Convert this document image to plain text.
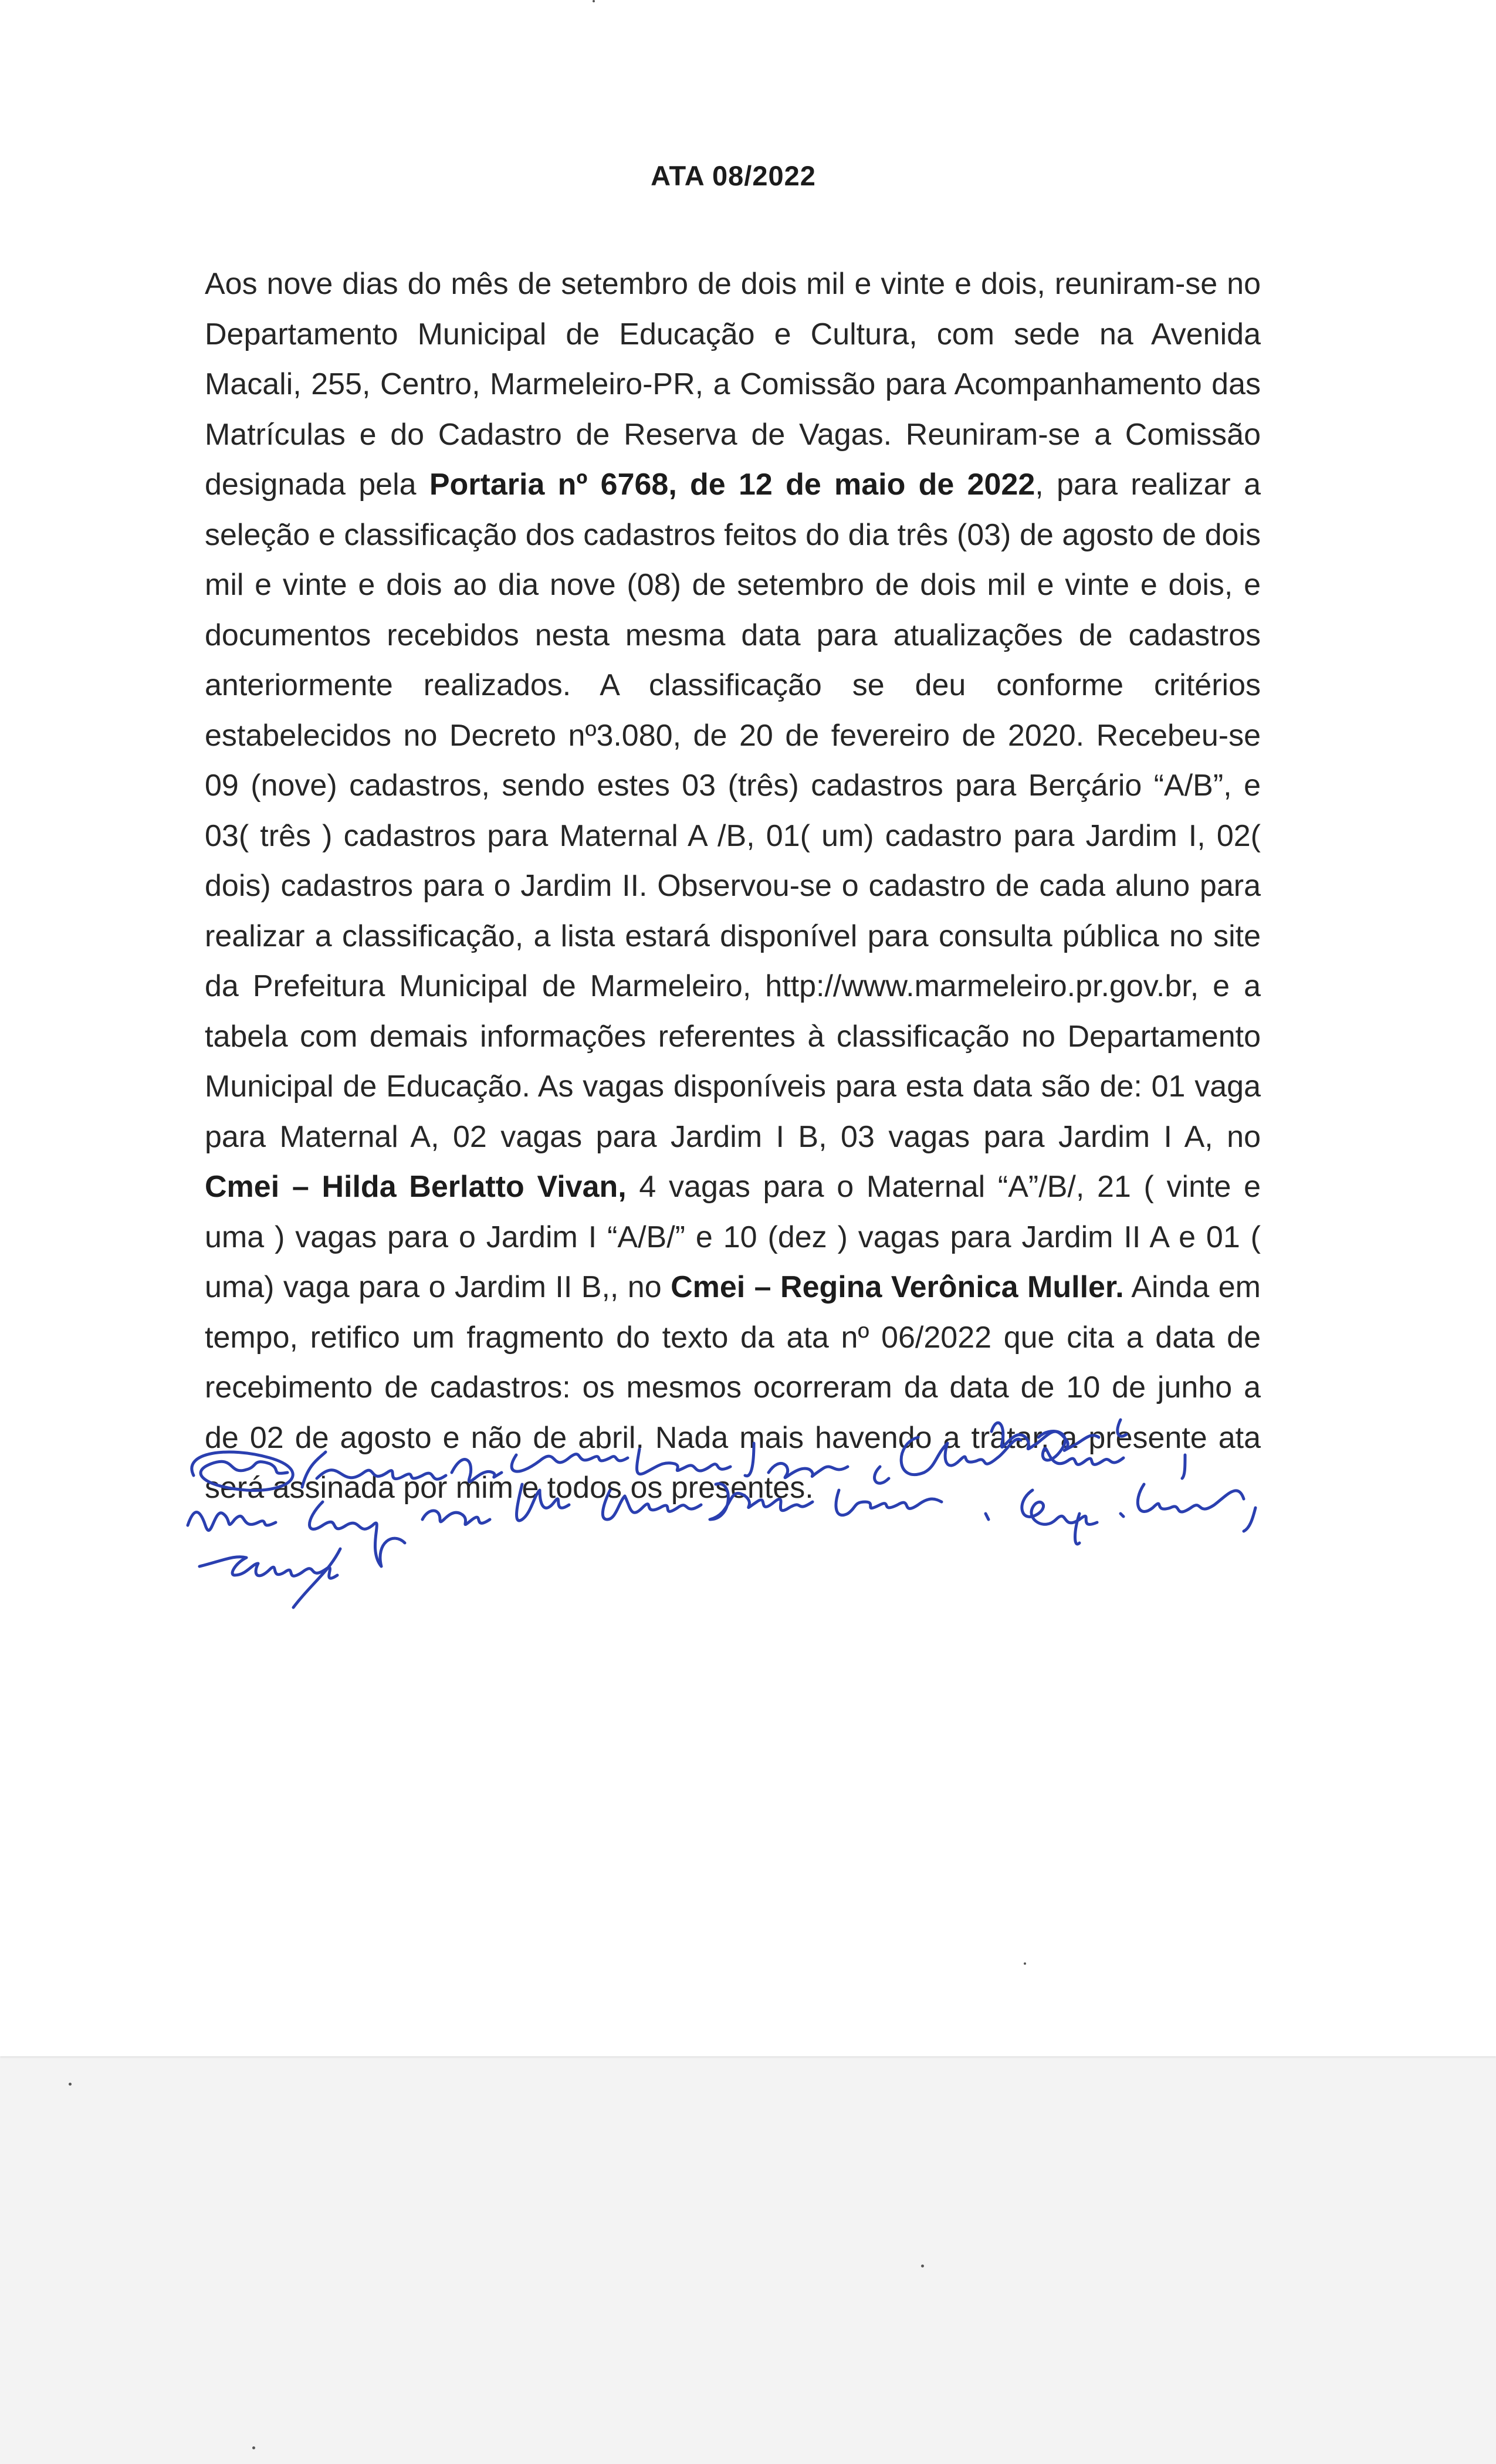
ATA 08/2022
Aos nove dias do mês de setembro de dois mil e vinte e dois, reuniram-se no Departamento Municipal de Educação e Cultura, com sede na Avenida Macali, 255, Centro, Marmeleiro-PR, a Comissão para Acompanhamento das Matrículas e do Cadastro de Reserva de Vagas. Reuniram-se a Comissão designada pela Portaria nº 6768, de 12 de maio de 2022, para realizar a seleção e classificação dos cadastros feitos do dia três (03) de agosto de dois mil e vinte e dois ao dia nove (08) de setembro de dois mil e vinte e dois, e documentos recebidos nesta mesma data para atualizações de cadastros anteriormente realizados. A classificação se deu conforme critérios estabelecidos no Decreto nº3.080, de 20 de fevereiro de 2020. Recebeu-se 09 (nove) cadastros, sendo estes 03 (três) cadastros para Berçário “A/B”, e 03( três ) cadastros para Maternal A /B, 01( um) cadastro para Jardim I, 02( dois) cadastros para o Jardim II. Observou-se o cadastro de cada aluno para realizar a classificação, a lista estará disponível para consulta pública no site da Prefeitura Municipal de Marmeleiro, http://www.marmeleiro.pr.gov.br, e a tabela com demais informações referentes à classificação no Departamento Municipal de Educação. As vagas disponíveis para esta data são de: 01 vaga para Maternal A, 02 vagas para Jardim I B, 03 vagas para Jardim I A, no Cmei – Hilda Berlatto Vivan, 4 vagas para o Maternal “A”/B/, 21 ( vinte e uma ) vagas para o Jardim I “A/B/” e 10 (dez ) vagas para Jardim II A e 01 ( uma) vaga para o Jardim II B,, no Cmei – Regina Verônica Muller. Ainda em tempo, retifico um fragmento do texto da ata nº 06/2022 que cita a data de recebimento de cadastros: os mesmos ocorreram da data de 10 de junho a de 02 de agosto e não de abril. Nada mais havendo a tratar, a presente ata será assinada por mim e todos os presentes.
